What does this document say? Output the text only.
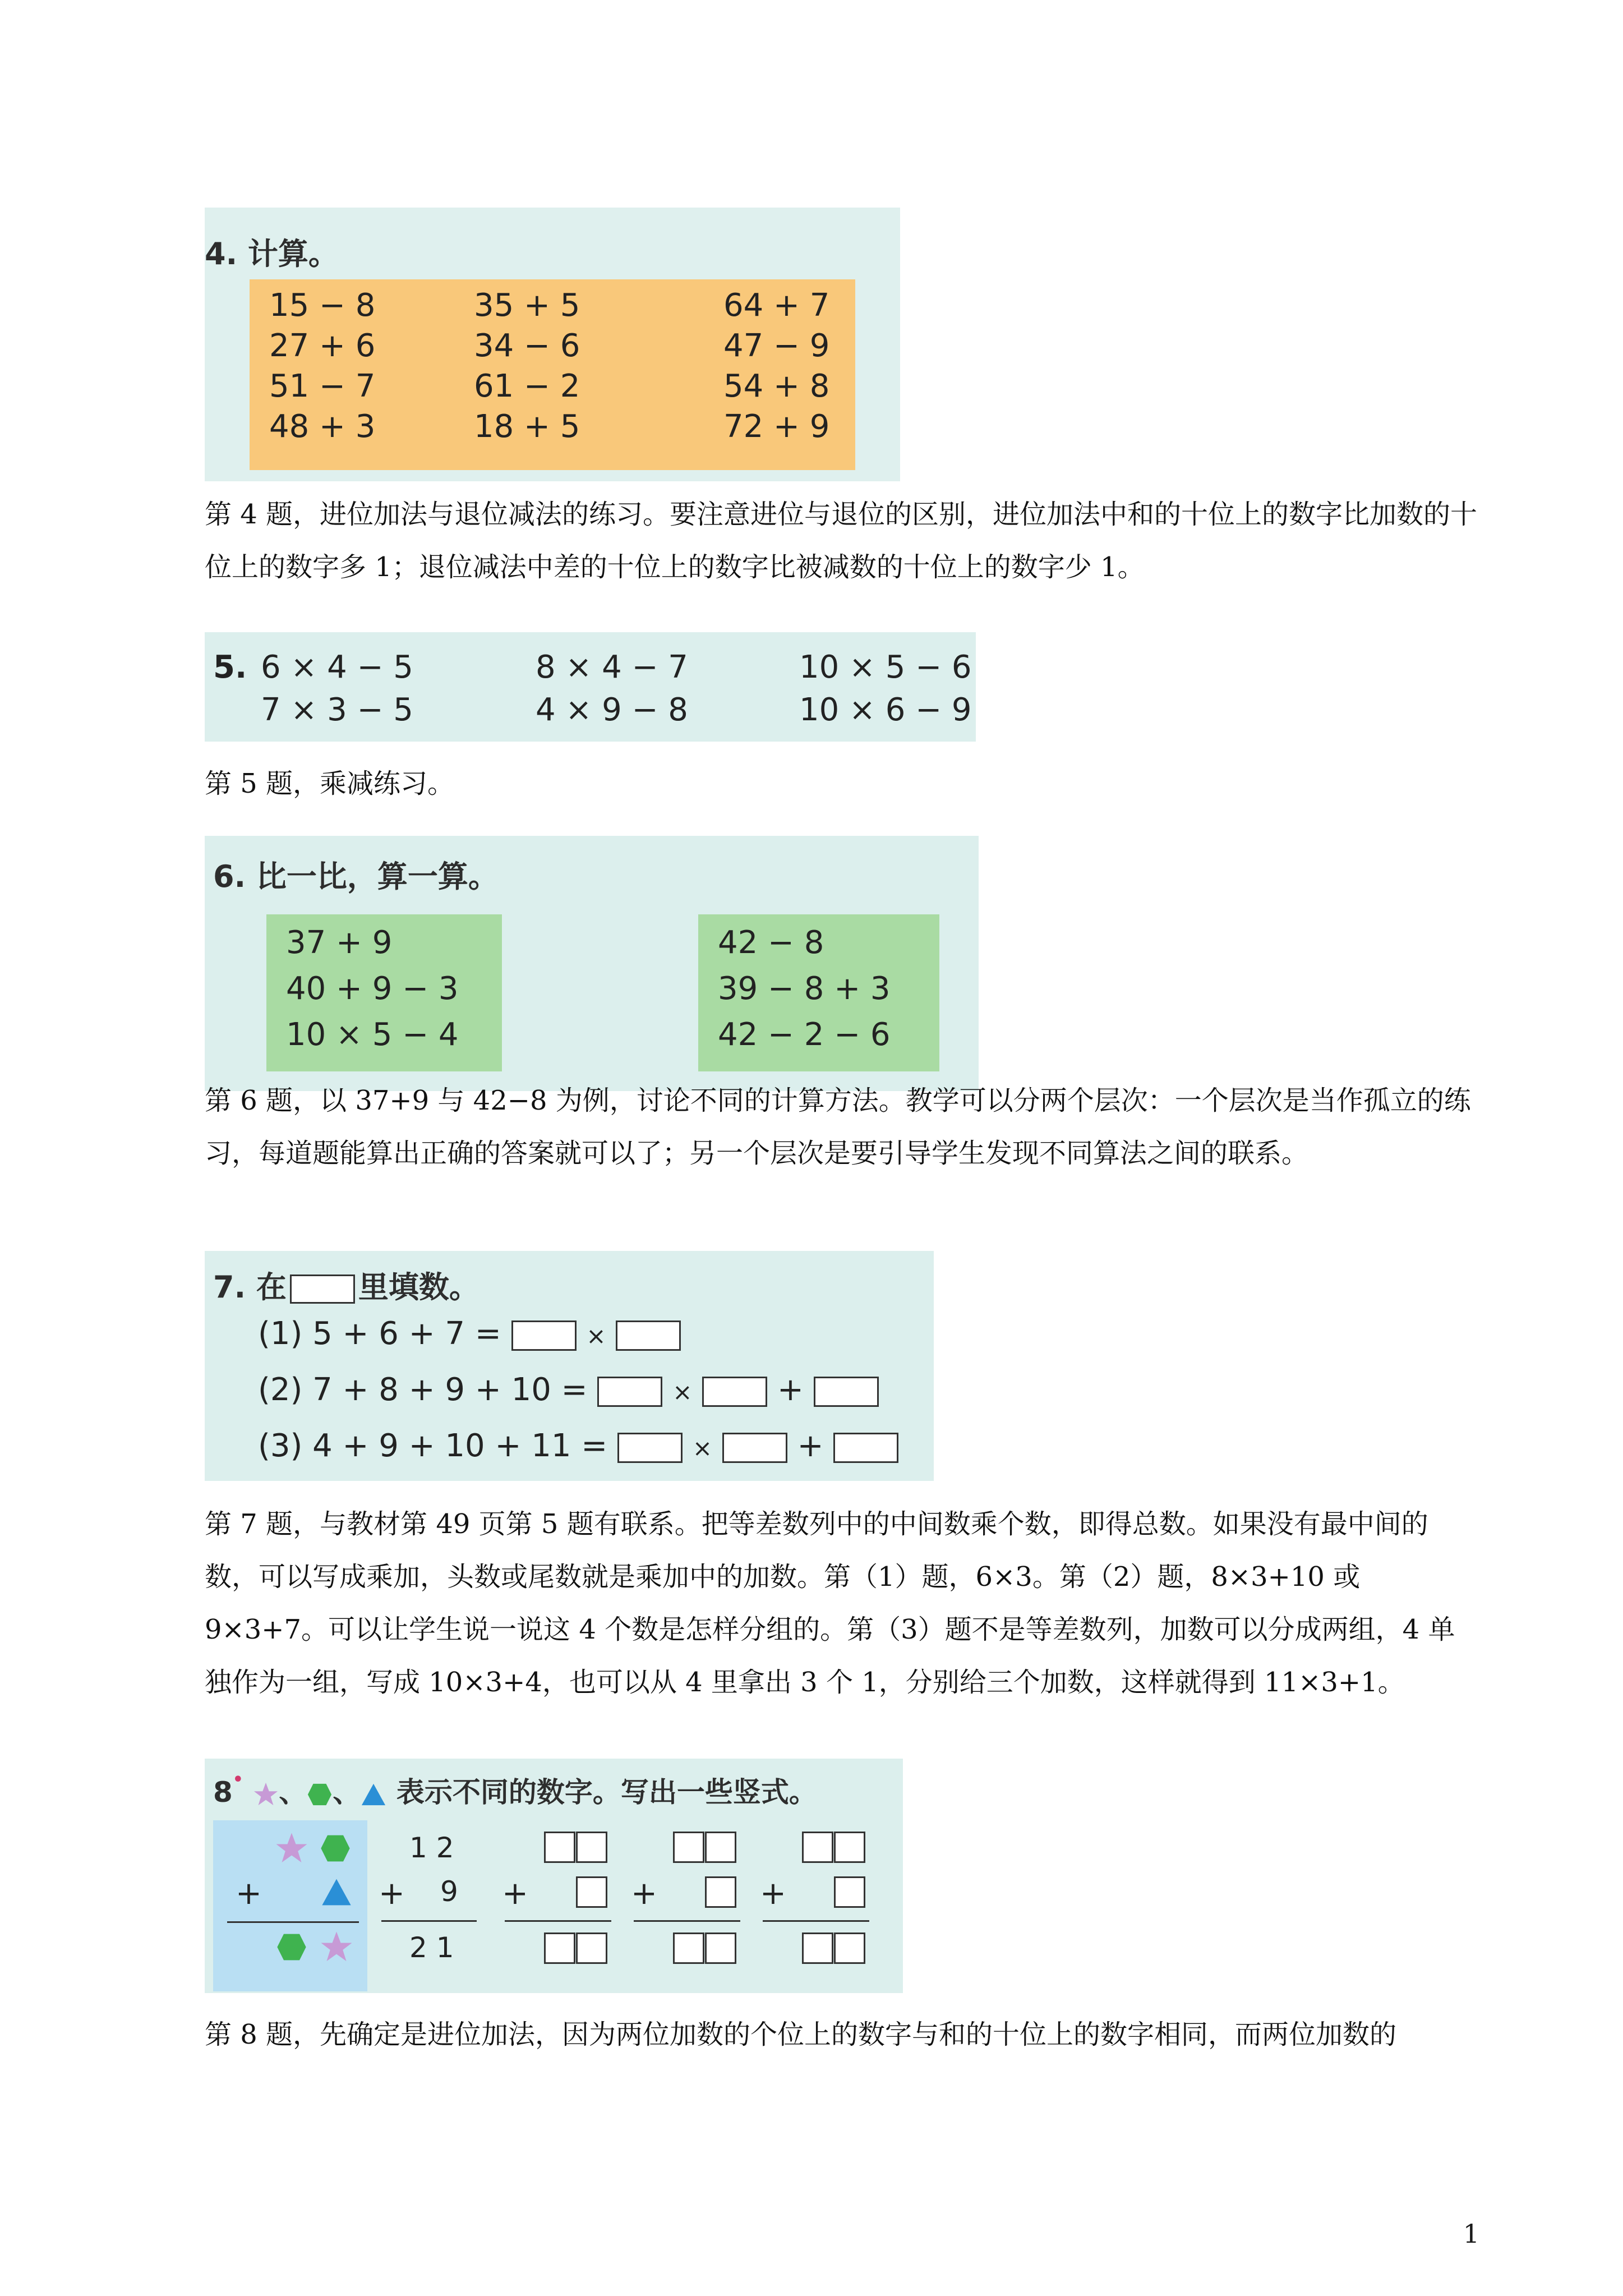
4. 计算。
15 − 8	35 + 5	64 + 7
27 + 6	34 − 6	47 − 9
51 − 7	61 − 2	54 + 8
48 + 3	18 + 5	72 + 9
第 4 题，进位加法与退位减法的练习。要注意进位与退位的区别，进位加法中和的十位上的数字比加数的十位上的数字多 1；退位减法中差的十位上的数字比被减数的十位上的数字少 1。
5. 6 × 4 − 5	8 × 4 − 7	10 × 5 − 6
7 × 3 − 5	4 × 9 − 8	10 × 6 − 9
第 5 题，乘减练习。
6. 比一比，算一算。
37 + 9
40 + 9 − 3
10 × 5 − 4
42 − 8
39 − 8 + 3
42 − 2 − 6
第 6 题，以 37+9 与 42−8 为例，讨论不同的计算方法。教学可以分两个层次：一个层次是当作孤立的练习，每道题能算出正确的答案就可以了；另一个层次是要引导学生发现不同算法之间的联系。
7. 在 里填数。
(1) 5 + 6 + 7 =	×
(2) 7 + 8 + 9 + 10 =	×	+
(3) 4 + 9 + 10 + 11 =	×	+
第 7 题，与教材第 49 页第 5 题有联系。把等差数列中的中间数乘个数，即得总数。如果没有最中间的数，可以写成乘加，头数或尾数就是乘加中的加数。第（1）题，6×3。第（2）题，8×3+10 或 9×3+7。可以让学生说一说这 4 个数是怎样分组的。第（3）题不是等差数列，加数可以分成两组，4 单独作为一组，写成 10×3+4，也可以从 4 里拿出 3 个 1，分别给三个加数，这样就得到 11×3+1。
8• 、 、 表示不同的数字。写出一些竖式。
+
1 2
+ 9
2 1
+	+	+
第 8 题，先确定是进位加法，因为两位加数的个位上的数字与和的十位上的数字相同，而两位加数的
1
